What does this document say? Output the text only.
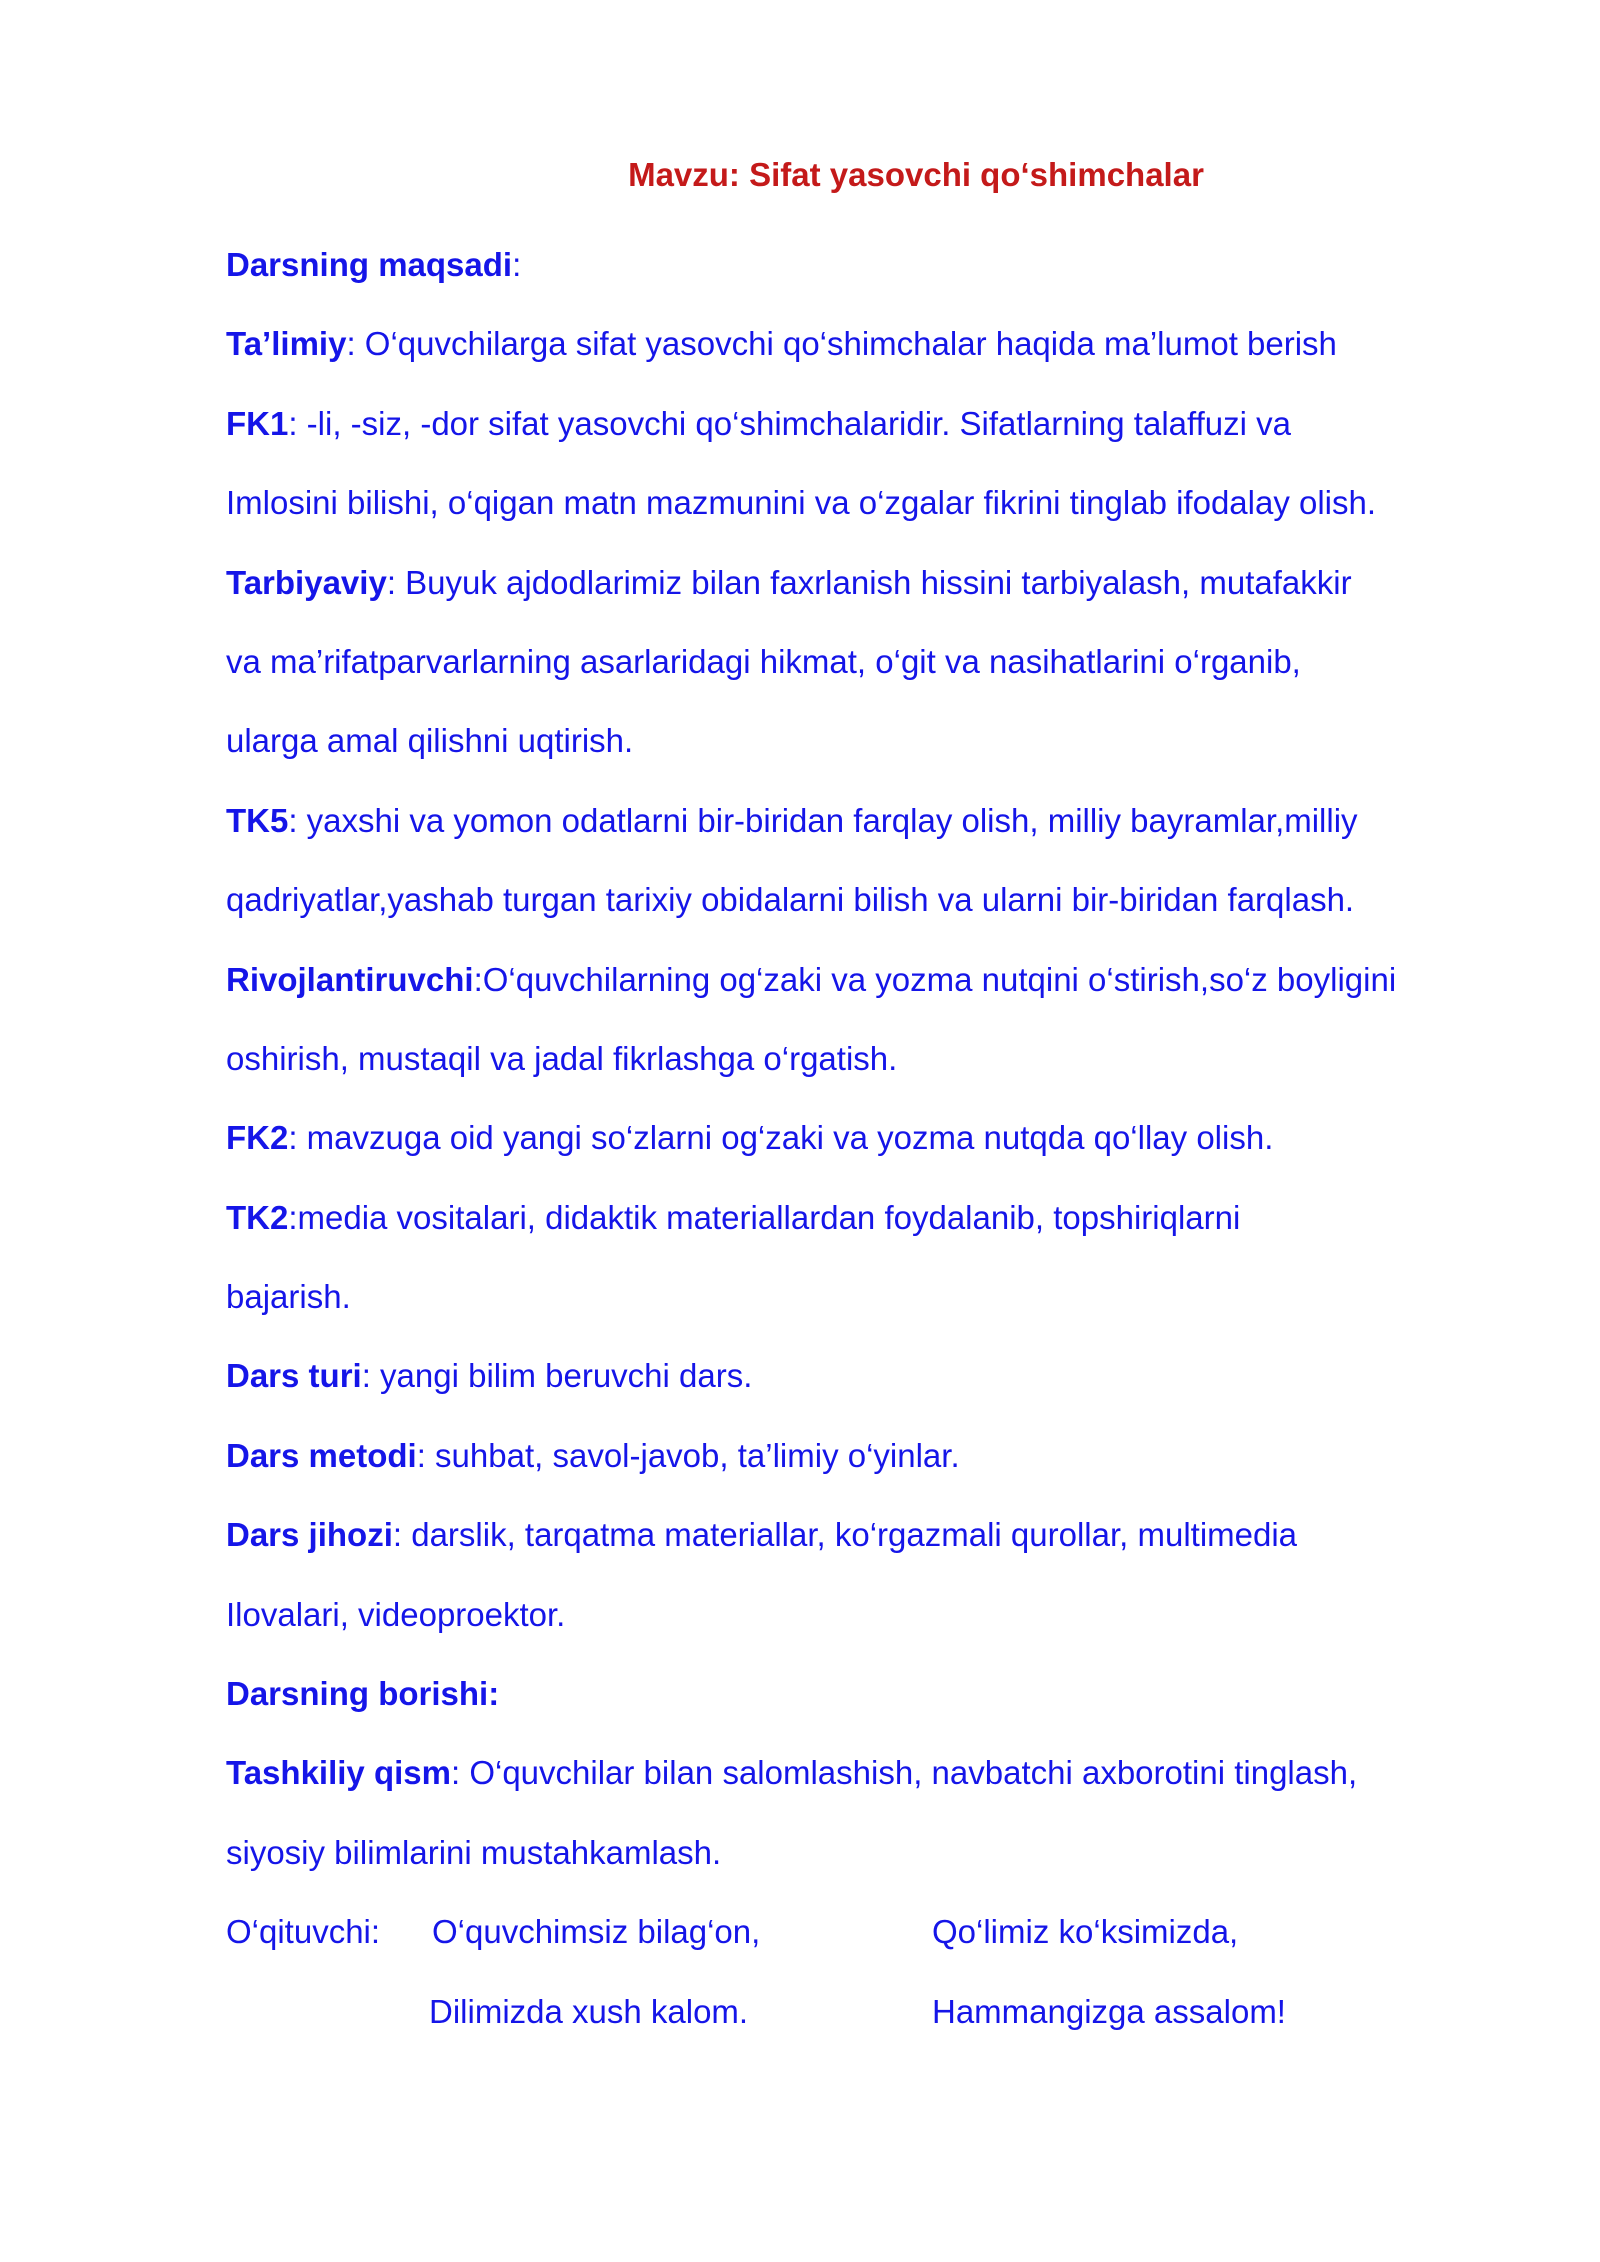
Mavzu: Sifat yasovchi qo‘shimchalar

Darsning maqsadi:

Ta’limiy: O‘quvchilarga sifat yasovchi qo‘shimchalar haqida ma’lumot berish

FK1: -li, -siz, -dor sifat yasovchi qo‘shimchalaridir. Sifatlarning talaffuzi va

Imlosini bilishi, o‘qigan matn mazmunini va o‘zgalar fikrini tinglab ifodalay olish.

Tarbiyaviy: Buyuk ajdodlarimiz bilan faxrlanish hissini tarbiyalash, mutafakkir

va ma’rifatparvarlarning asarlaridagi hikmat, o‘git va nasihatlarini o‘rganib,

ularga amal qilishni uqtirish.

TK5: yaxshi va yomon odatlarni bir-biridan farqlay olish, milliy bayramlar,milliy

qadriyatlar,yashab turgan tarixiy obidalarni bilish va ularni bir-biridan farqlash.

Rivojlantiruvchi:O‘quvchilarning og‘zaki va yozma nutqini o‘stirish,so‘z boyligini

oshirish, mustaqil va jadal fikrlashga o‘rgatish.

FK2: mavzuga oid yangi so‘zlarni og‘zaki va yozma nutqda qo‘llay olish.

TK2:media vositalari, didaktik materiallardan foydalanib, topshiriqlarni

bajarish.

Dars turi: yangi bilim beruvchi dars.

Dars metodi: suhbat, savol-javob, ta’limiy o‘yinlar.

Dars jihozi: darslik, tarqatma materiallar, ko‘rgazmali qurollar, multimedia

Ilovalari, videoproektor.

Darsning borishi:

Tashkiliy qism: O‘quvchilar bilan salomlashish, navbatchi axborotini tinglash,

siyosiy bilimlarini mustahkamlash.

O‘qituvchi: O‘quvchimsiz bilag‘on,	Qo‘limiz ko‘ksimizda,
Dilimizda xush kalom.	Hammangizga assalom!
